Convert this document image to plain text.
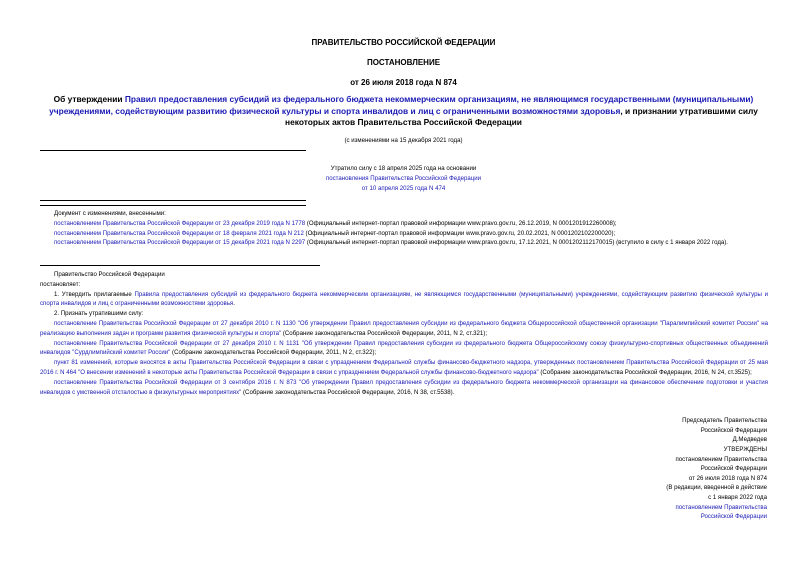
ПРАВИТЕЛЬСТВО РОССИЙСКОЙ ФЕДЕРАЦИИ
ПОСТАНОВЛЕНИЕ
от 26 июля 2018 года N 874
Об утверждении Правил предоставления субсидий из федерального бюджета некоммерческим организациям, не являющимся государственными (муниципальными) учреждениями, содействующим развитию физической культуры и спорта инвалидов и лиц с ограниченными возможностями здоровья, и признании утратившими силу некоторых актов Правительства Российской Федерации
(с изменениями на 15 декабря 2021 года)
Утратило силу с 18 апреля 2025 года на основании
постановления Правительства Российской Федерации
от 10 апреля 2025 года N 474
Документ с изменениями, внесенными:
постановлением Правительства Российской Федерации от 23 декабря 2019 года N 1778 (Официальный интернет-портал правовой информации www.pravo.gov.ru, 26.12.2019, N 0001201912260008);
постановлением Правительства Российской Федерации от 18 февраля 2021 года N 212 (Официальный интернет-портал правовой информации www.pravo.gov.ru, 20.02.2021, N 0001202102200020);
постановлением Правительства Российской Федерации от 15 декабря 2021 года N 2297 (Официальный интернет-портал правовой информации www.pravo.gov.ru, 17.12.2021, N 0001202112170015) (вступило в силу с 1 января 2022 года).
Правительство Российской Федерации
постановляет:
1. Утвердить прилагаемые Правила предоставления субсидий из федерального бюджета некоммерческим организациям, не являющимся государственными (муниципальными) учреждениями, содействующим развитию физической культуры и спорта инвалидов и лиц с ограниченными возможностями здоровья.
2. Признать утратившими силу:
постановление Правительства Российской Федерации от 27 декабря 2010 г. N 1130 "Об утверждении Правил предоставления субсидии из федерального бюджета Общероссийской общественной организации "Паралимпийский комитет России" на реализацию выполнения задач и программ развития физической культуры и спорта" (Собрание законодательства Российской Федерации, 2011, N 2, ст.321);
постановление Правительства Российской Федерации от 27 декабря 2010 г. N 1131 "Об утверждении Правил предоставления субсидии из федерального бюджета Общероссийскому союзу физкультурно-спортивных общественных объединений инвалидов "Сурдлимпийский комитет России" (Собрание законодательства Российской Федерации, 2011, N 2, ст.322);
пункт 81 изменений, которые вносятся в акты Правительства Российской Федерации в связи с упразднением Федеральной службы финансово-бюджетного надзора, утвержденных постановлением Правительства Российской Федерации от 25 мая 2016 г. N 464 "О внесении изменений в некоторые акты Правительства Российской Федерации в связи с упразднением Федеральной службы финансово-бюджетного надзора" (Собрание законодательства Российской Федерации, 2016, N 24, ст.3525);
постановление Правительства Российской Федерации от 3 сентября 2016 г. N 873 "Об утверждении Правил предоставления субсидии из федерального бюджета некоммерческой организации на финансовое обеспечение подготовки и участия инвалидов с умственной отсталостью в физкультурных мероприятиях" (Собрание законодательства Российской Федерации, 2016, N 38, ст.5538).
Председатель Правительства
Российской Федерации
Д.Медведев
УТВЕРЖДЕНЫ
постановлением Правительства
Российской Федерации
от 26 июля 2018 года N 874
(В редакции, введенной в действие
с 1 января 2022 года
постановлением Правительства
Российской Федерации
